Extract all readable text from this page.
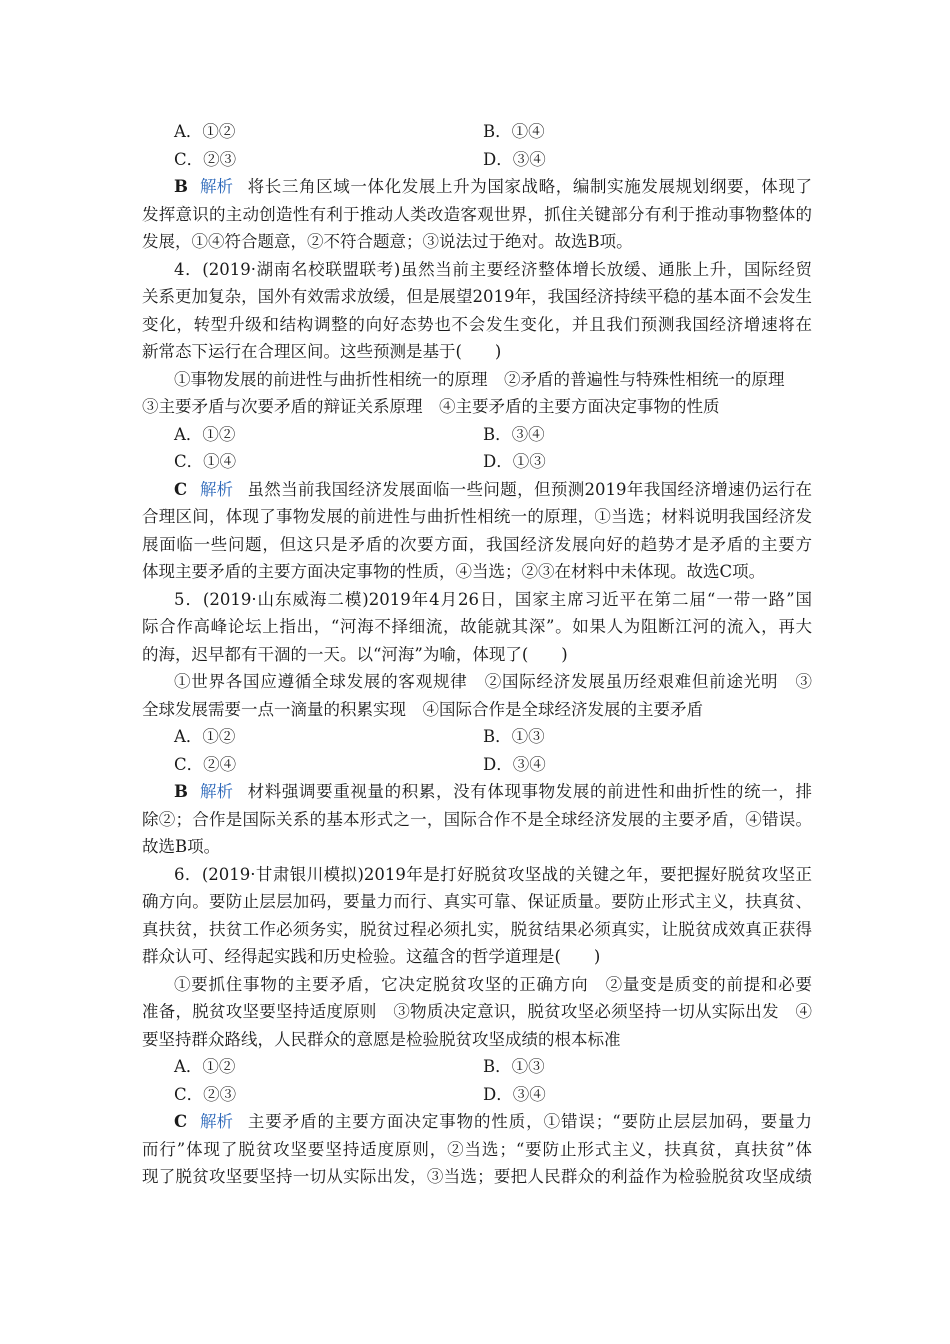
A．①②	B．①④
C．②③	D．③④
B 解析 将长三角区域一体化发展上升为国家战略，编制实施发展规划纲要，体现了
发挥意识的主动创造性有利于推动人类改造客观世界，抓住关键部分有利于推动事物整体的
发展，①④符合题意，②不符合题意；③说法过于绝对。故选B项。
4．(2019·湖南名校联盟联考)虽然当前主要经济整体增长放缓、通胀上升，国际经贸
关系更加复杂，国外有效需求放缓，但是展望2019年，我国经济持续平稳的基本面不会发生
变化，转型升级和结构调整的向好态势也不会发生变化，并且我们预测我国经济增速将在
新常态下运行在合理区间。这些预测是基于(　　)
①事物发展的前进性与曲折性相统一的原理　②矛盾的普遍性与特殊性相统一的原理
③主要矛盾与次要矛盾的辩证关系原理　④主要矛盾的主要方面决定事物的性质
A．①②	B．③④
C．①④	D．①③
C 解析 虽然当前我国经济发展面临一些问题，但预测2019年我国经济增速仍运行在
合理区间，体现了事物发展的前进性与曲折性相统一的原理，①当选；材料说明我国经济发
展面临一些问题，但这只是矛盾的次要方面，我国经济发展向好的趋势才是矛盾的主要方
体现主要矛盾的主要方面决定事物的性质，④当选；②③在材料中未体现。故选C项。
5．(2019·山东威海二模)2019年4月26日，国家主席习近平在第二届“一带一路”国
际合作高峰论坛上指出，“河海不择细流，故能就其深”。如果人为阻断江河的流入，再大
的海，迟早都有干涸的一天。以“河海”为喻，体现了(　　)
①世界各国应遵循全球发展的客观规律　②国际经济发展虽历经艰难但前途光明　③
全球发展需要一点一滴量的积累实现　④国际合作是全球经济发展的主要矛盾
A．①②	B．①③
C．②④	D．③④
B 解析 材料强调要重视量的积累，没有体现事物发展的前进性和曲折性的统一，排
除②；合作是国际关系的基本形式之一，国际合作不是全球经济发展的主要矛盾，④错误。
故选B项。
6．(2019·甘肃银川模拟)2019年是打好脱贫攻坚战的关键之年，要把握好脱贫攻坚正
确方向。要防止层层加码，要量力而行、真实可靠、保证质量。要防止形式主义，扶真贫、
真扶贫，扶贫工作必须务实，脱贫过程必须扎实，脱贫结果必须真实，让脱贫成效真正获得
群众认可、经得起实践和历史检验。这蕴含的哲学道理是(　　)
①要抓住事物的主要矛盾，它决定脱贫攻坚的正确方向　②量变是质变的前提和必要
准备，脱贫攻坚要坚持适度原则　③物质决定意识，脱贫攻坚必须坚持一切从实际出发　④
要坚持群众路线，人民群众的意愿是检验脱贫攻坚成绩的根本标准
A．①②	B．①③
C．②③	D．③④
C 解析 主要矛盾的主要方面决定事物的性质，①错误；“要防止层层加码，要量力
而行”体现了脱贫攻坚要坚持适度原则，②当选；“要防止形式主义，扶真贫，真扶贫”体
现了脱贫攻坚要坚持一切从实际出发，③当选；要把人民群众的利益作为检验脱贫攻坚成绩
